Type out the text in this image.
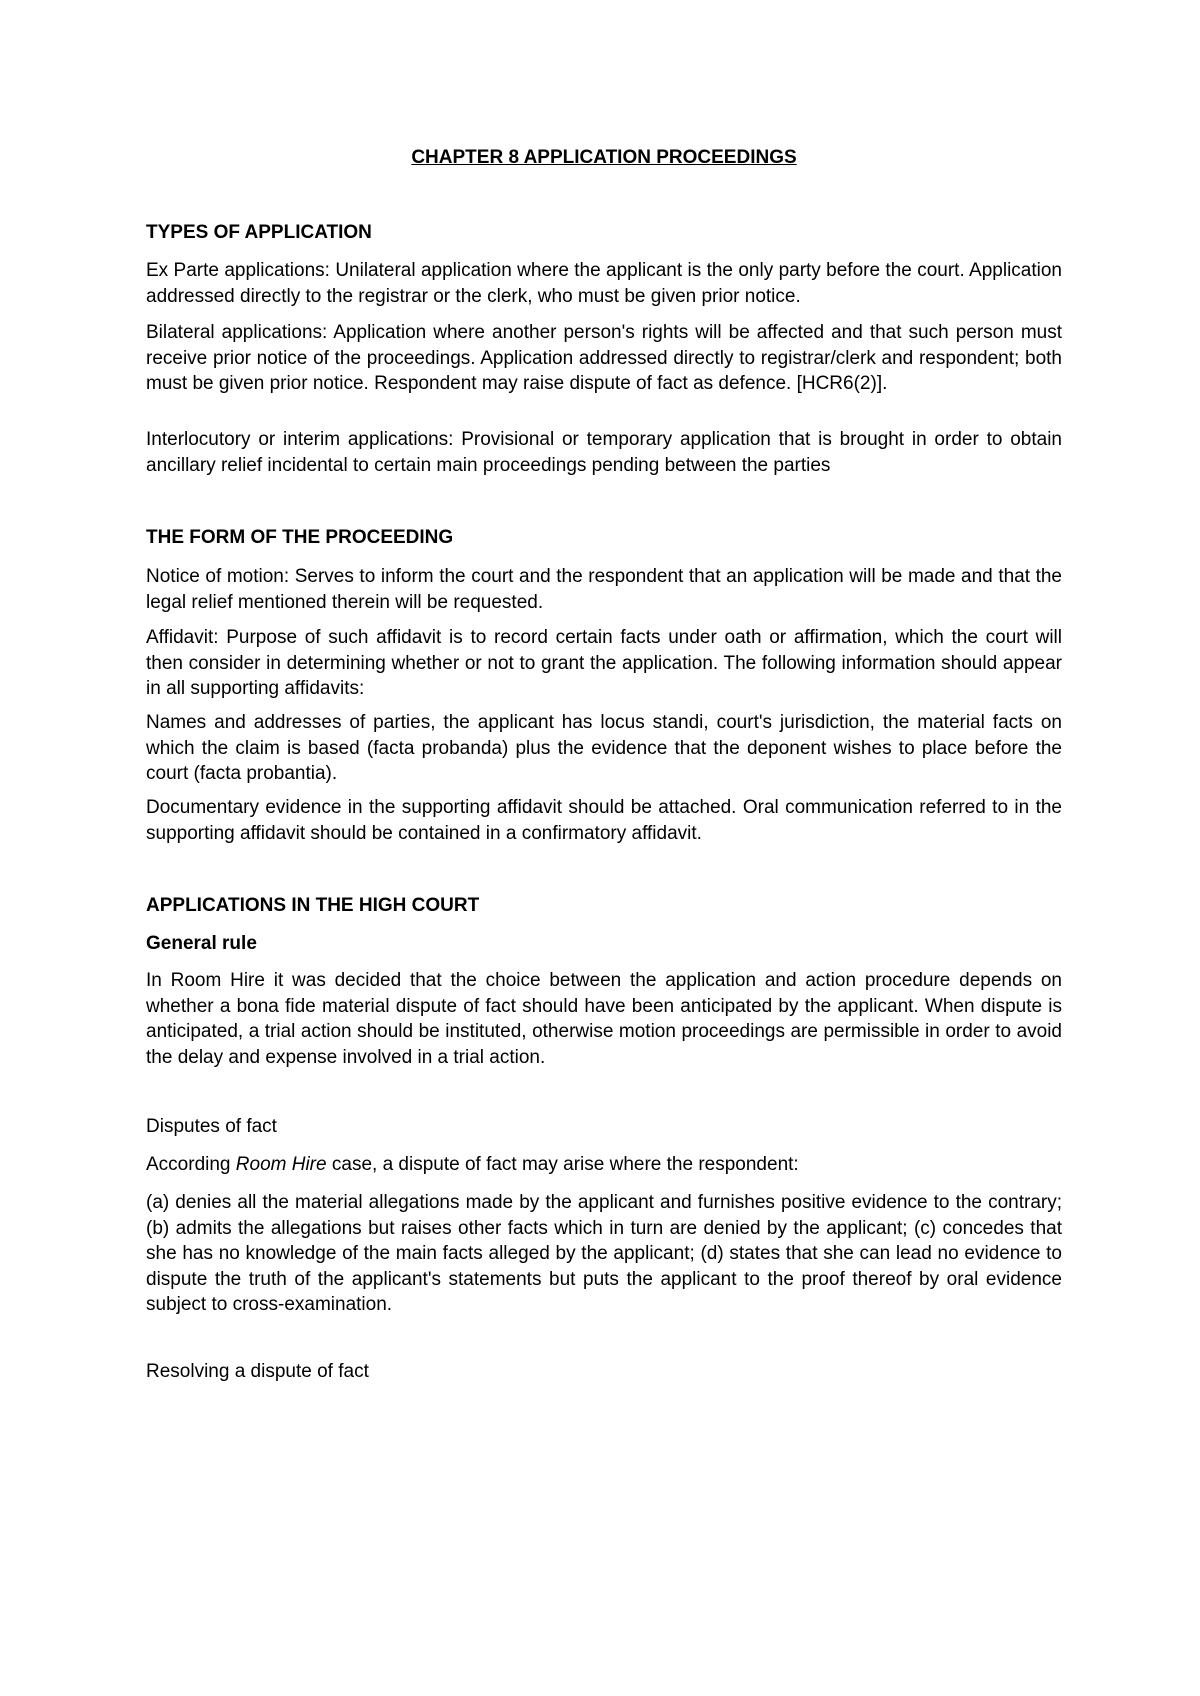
CHAPTER 8 APPLICATION PROCEEDINGS

TYPES OF APPLICATION

Ex Parte applications: Unilateral application where the applicant is the only party before the court. Application addressed directly to the registrar or the clerk, who must be given prior notice.

Bilateral applications: Application where another person's rights will be affected and that such person must receive prior notice of the proceedings. Application addressed directly to registrar/clerk and respondent; both must be given prior notice. Respondent may raise dispute of fact as defence. [HCR6(2)].

Interlocutory or interim applications: Provisional or temporary application that is brought in order to obtain ancillary relief incidental to certain main proceedings pending between the parties

THE FORM OF THE PROCEEDING

Notice of motion: Serves to inform the court and the respondent that an application will be made and that the legal relief mentioned therein will be requested.

Affidavit: Purpose of such affidavit is to record certain facts under oath or affirmation, which the court will then consider in determining whether or not to grant the application. The following information should appear in all supporting affidavits:

Names and addresses of parties, the applicant has locus standi, court's jurisdiction, the material facts on which the claim is based (facta probanda) plus the evidence that the deponent wishes to place before the court (facta probantia).

Documentary evidence in the supporting affidavit should be attached. Oral communication referred to in the supporting affidavit should be contained in a confirmatory affidavit.

APPLICATIONS IN THE HIGH COURT

General rule

In Room Hire it was decided that the choice between the application and action procedure depends on whether a bona fide material dispute of fact should have been anticipated by the applicant. When dispute is anticipated, a trial action should be instituted, otherwise motion proceedings are permissible in order to avoid the delay and expense involved in a trial action.

Disputes of fact

According Room Hire case, a dispute of fact may arise where the respondent:

(a) denies all the material allegations made by the applicant and furnishes positive evidence to the contrary; (b) admits the allegations but raises other facts which in turn are denied by the applicant; (c) concedes that she has no knowledge of the main facts alleged by the applicant; (d) states that she can lead no evidence to dispute the truth of the applicant's statements but puts the applicant to the proof thereof by oral evidence subject to cross-examination.

Resolving a dispute of fact
